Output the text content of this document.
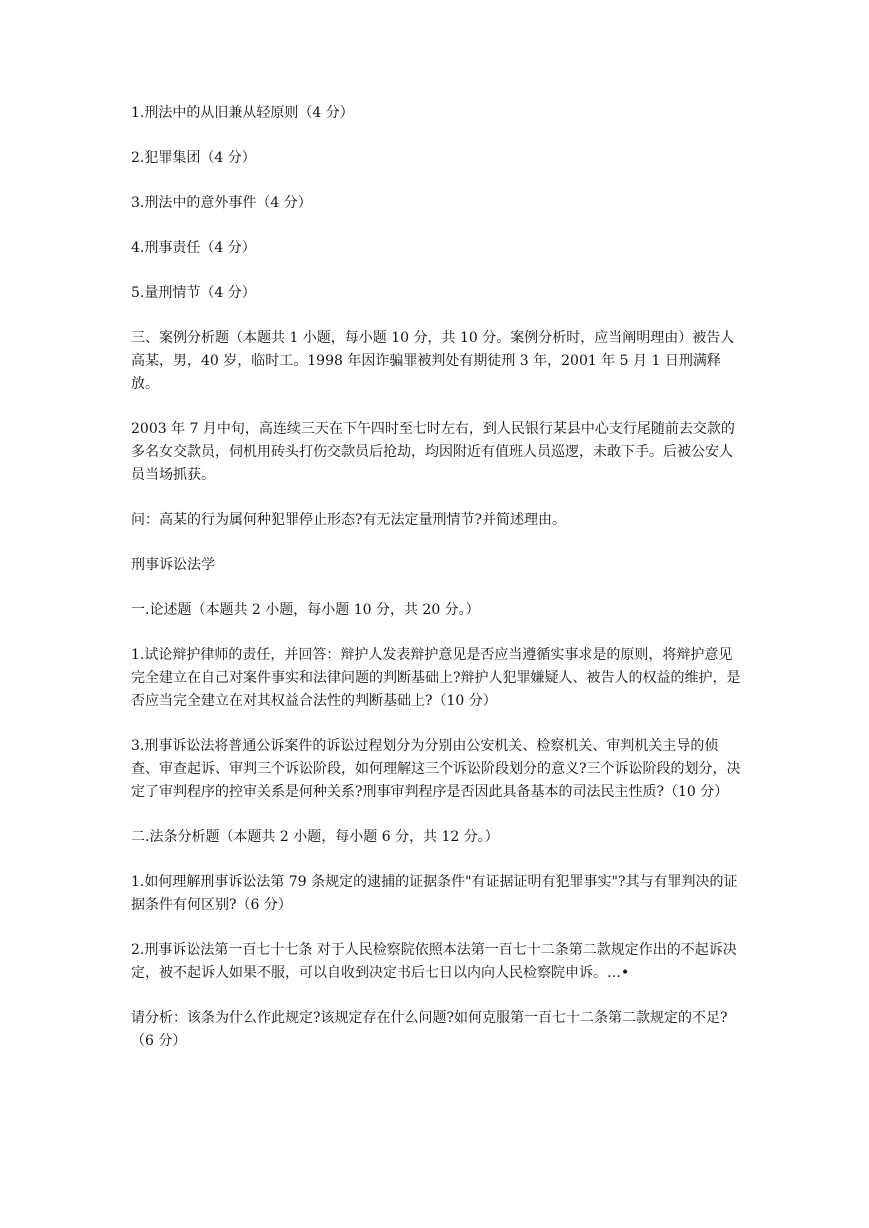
1.刑法中的从旧兼从轻原则（4 分）

2.犯罪集团（4 分）

3.刑法中的意外事件（4 分）

4.刑事责任（4 分）

5.量刑情节（4 分）

三、案例分析题（本题共 1 小题，每小题 10 分，共 10 分。案例分析时，应当阐明理由）被告人高某，男，40 岁，临时工。1998 年因诈骗罪被判处有期徒刑 3 年，2001 年 5 月 1 日刑满释放。

2003 年 7 月中旬，高连续三天在下午四时至七时左右，到人民银行某县中心支行尾随前去交款的多名女交款员，伺机用砖头打伤交款员后抢劫，均因附近有值班人员巡逻，未敢下手。后被公安人员当场抓获。

问：高某的行为属何种犯罪停止形态?有无法定量刑情节?并简述理由。

刑事诉讼法学

一.论述题（本题共 2 小题，每小题 10 分，共 20 分。）

1.试论辩护律师的责任，并回答：辩护人发表辩护意见是否应当遵循实事求是的原则，将辩护意见完全建立在自己对案件事实和法律问题的判断基础上?辩护人犯罪嫌疑人、被告人的权益的维护，是否应当完全建立在对其权益合法性的判断基础上?（10 分）

3.刑事诉讼法将普通公诉案件的诉讼过程划分为分别由公安机关、检察机关、审判机关主导的侦查、审查起诉、审判三个诉讼阶段，如何理解这三个诉讼阶段划分的意义?三个诉讼阶段的划分，决定了审判程序的控审关系是何种关系?刑事审判程序是否因此具备基本的司法民主性质?（10 分）

二.法条分析题（本题共 2 小题，每小题 6 分，共 12 分。）

1.如何理解刑事诉讼法第 79 条规定的逮捕的证据条件"有证据证明有犯罪事实"?其与有罪判决的证据条件有何区别?（6 分）

2.刑事诉讼法第一百七十七条 对于人民检察院依照本法第一百七十二条第二款规定作出的不起诉决定，被不起诉人如果不服，可以自收到决定书后七日以内向人民检察院申诉。…•

请分析：该条为什么作此规定?该规定存在什么问题?如何克服第一百七十二条第二款规定的不足?（6 分）
